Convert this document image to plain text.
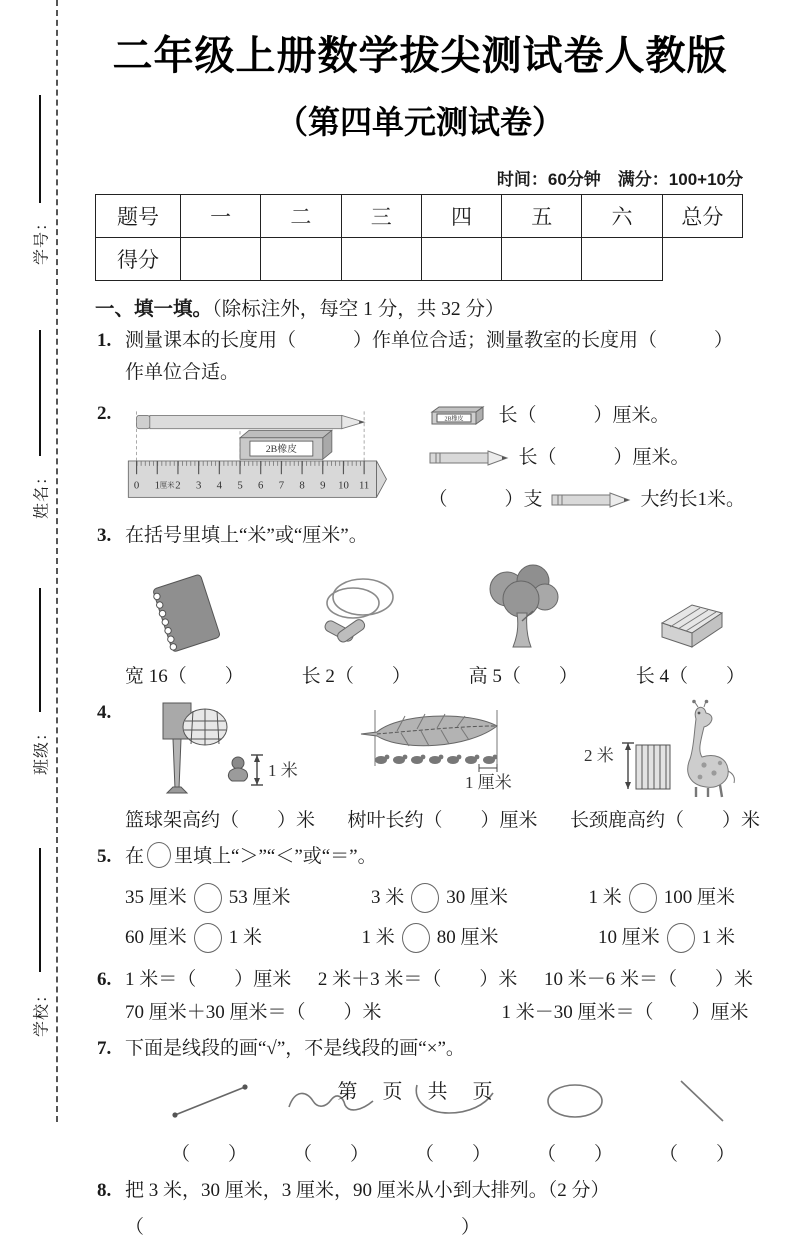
学号：
姓名：
班级：
学校：
二年级上册数学拔尖测试卷人教版
（第四单元测试卷）
时间：60分钟　满分：100+10分
题号	一	二	三	四	五	六	总分
得分							
一、填一填。（除标注外，每空 1 分，共 32 分）
1. 测量课本的长度用（　　　）作单位合适；测量教室的长度用（　　　）作单位合适。
2.
2B橡皮
0 1 厘米 2 3 4 5 6 7 8 9 10 11
2B橡皮 长（　　　）厘米。
长（　　　）厘米。
（　　　）支	大约长1米。
3. 在括号里填上“米”或“厘米”。
宽 16（　　）	长 2（　　）	高 5（　　）	长 4（　　）
4.
1 米
篮球架高约（　　）米
1 厘米
树叶长约（　　）厘米
2 米
长颈鹿高约（　　）米
5. 在 里填上“＞”“＜”或“＝”。
35 厘米 53 厘米	3 米 30 厘米	1 米 100 厘米
60 厘米 1 米	1 米 80 厘米	10 厘米 1 米
6. 1 米＝（　　）厘米 2 米＋3 米＝（　　）米 10 米－6 米＝（　　）米
70 厘米＋30 厘米＝（　　）米	1 米－30 厘米＝（　　）厘米
7. 下面是线段的画“√”，不是线段的画“×”。
（　　） （　　） （　　） （　　） （　　）
8. 把 3 米，30 厘米，3 厘米，90 厘米从小到大排列。（2 分）
（　　　　　　　　　　　　　　　）
第 页 共 页
